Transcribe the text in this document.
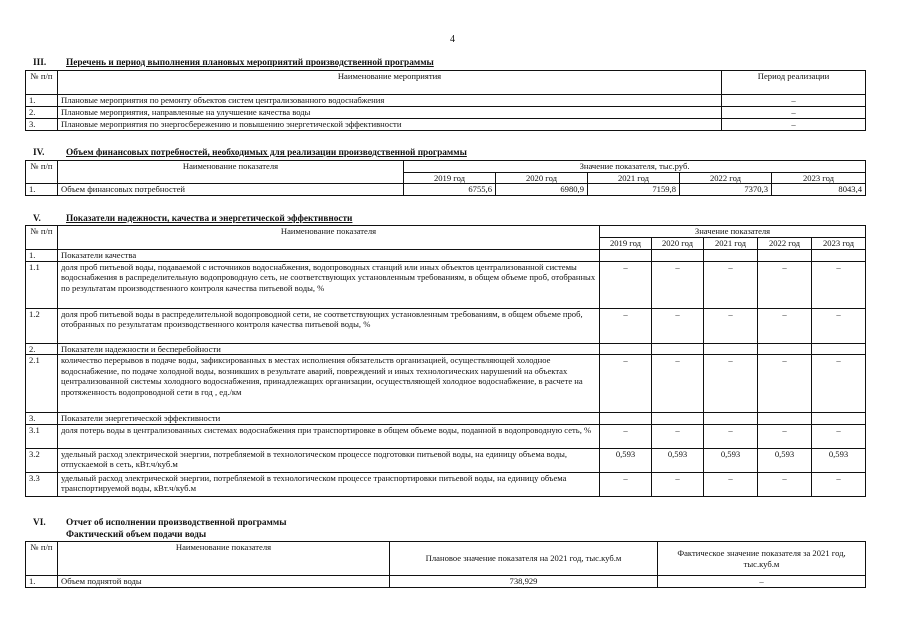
4
III. Перечень и период выполнения плановых мероприятий производственной программы
№ п/п	Наименование мероприятия	Период реализации
1.	Плановые мероприятия по ремонту объектов систем централизованного водоснабжения	–
2.	Плановые мероприятия, направленные на улучшение качества воды	–
3.	Плановые мероприятия по энергосбережению и повышению энергетической эффективности	–
IV. Объем финансовых потребностей, необходимых для реализации производственной программы
№ п/п	Наименование показателя	Значение показателя, тыс.руб.				
		2019 год	2020 год	2021 год	2022 год	2023 год
1.	Объем финансовых потребностей	6755,6	6980,9	7159,8	7370,3	8043,4
V.	Показатели надежности, качества и энергетической эффективности
№ п/п	Наименование показателя	Значение показателя				
		2019 год	2020 год	2021 год	2022 год	2023 год
1.	Показатели качества					
1.1	доля проб питьевой воды, подаваемой с источников водоснабжения, водопроводных станций или иных объектов централизованной системы водоснабжения в распределительную водопроводную сеть, не соответствующих установленным требованиям, в общем объеме проб, отобранных по результатам производственного контроля качества питьевой воды, %	–	–	–	–	–
1.2	доля проб питьевой воды в распределительной водопроводной сети, не соответствующих установленным требованиям, в общем объеме проб, отобранных по результатам производственного контроля качества питьевой воды, %	–	–	–	–	–
2.	Показатели надежности и бесперебойности					
2.1	количество перерывов в подаче воды, зафиксированных в местах исполнения обязательств организацией, осуществляющей холодное водоснабжение, по подаче холодной воды, возникших в результате аварий, повреждений и иных технологических нарушений на объектах централизованной системы холодного водоснабжения, принадлежащих организации, осуществляющей холодное водоснабжение, в расчете на протяженность водопроводной сети в год , ед./км	–	–	–	–	–
3.	Показатели энергетической эффективности					
3.1	доля потерь воды в централизованных системах водоснабжения при транспортировке в общем объеме воды, поданной в водопроводную сеть, %	–	–	–	–	–
3.2	удельный расход электрической энергии, потребляемой в технологическом процессе подготовки питьевой воды, на единицу объема воды, отпускаемой в сеть, кВт.ч/куб.м	0,593	0,593	0,593	0,593	0,593
3.3	удельный расход электрической энергии, потребляемой в технологическом процессе транспортировки питьевой воды, на единицу объема транспортируемой воды, кВт.ч/куб.м	–	–	–	–	–
VI. Отчет об исполнении производственной программы
Фактический объем подачи воды
№ п/п	Наименование показателя	Плановое значение показателя на 2021 год, тыс.куб.м	Фактическое значение показателя за 2021 год, тыс.куб.м
1.	Объем поднятой воды	738,929	–
